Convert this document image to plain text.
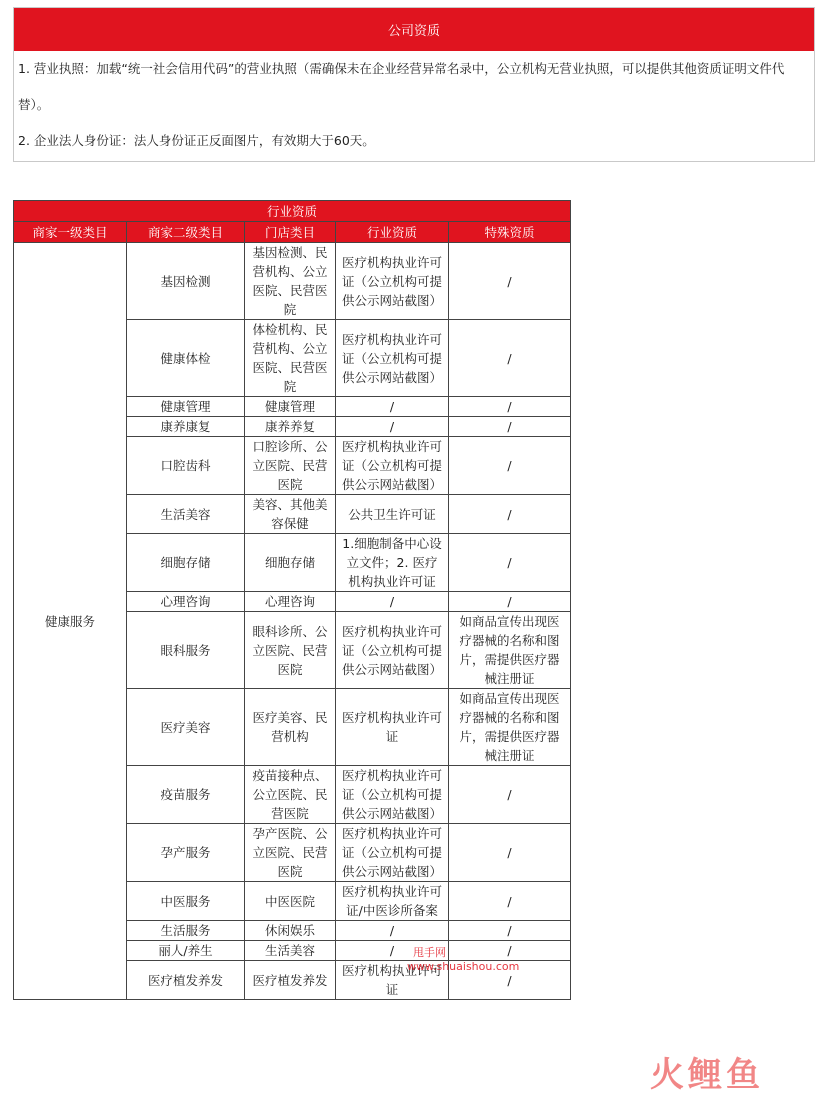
公司资质

1. 营业执照：加载“统一社会信用代码”的营业执照（需确保未在企业经营异常名录中，公立机构无营业执照，可以提供其他资质证明文件代替）。

2. 企业法人身份证：法人身份证正反面图片，有效期大于60天。

行业资质				
商家一级类目	商家二级类目	门店类目	行业资质	特殊资质
健康服务	基因检测	基因检测、民营机构、公立医院、民营医院	医疗机构执业许可证（公立机构可提供公示网站截图）	/
	健康体检	体检机构、民营机构、公立医院、民营医院	医疗机构执业许可证（公立机构可提供公示网站截图）	/
	健康管理	健康管理	/	/
	康养康复	康养养复	/	/
	口腔齿科	口腔诊所、公立医院、民营医院	医疗机构执业许可证（公立机构可提供公示网站截图）	/
	生活美容	美容、其他美容保健	公共卫生许可证	/
	细胞存储	细胞存储	1.细胞制备中心设立文件；2. 医疗机构执业许可证	/
	心理咨询	心理咨询	/	/
	眼科服务	眼科诊所、公立医院、民营医院	医疗机构执业许可证（公立机构可提供公示网站截图）	如商品宣传出现医疗器械的名称和图片，需提供医疗器械注册证
	医疗美容	医疗美容、民营机构	医疗机构执业许可证	如商品宣传出现医疗器械的名称和图片，需提供医疗器械注册证
	疫苗服务	疫苗接种点、公立医院、民营医院	医疗机构执业许可证（公立机构可提供公示网站截图）	/
	孕产服务	孕产医院、公立医院、民营医院	医疗机构执业许可证（公立机构可提供公示网站截图）	/
	中医服务	中医医院	医疗机构执业许可证/中医诊所备案	/
	生活服务	休闲娱乐	/	/
	丽人/养生	生活美容	/	/
	医疗植发养发	医疗植发养发	医疗机构执业许可证	/
甩手网
www.shuaishou.com
火鲤鱼
